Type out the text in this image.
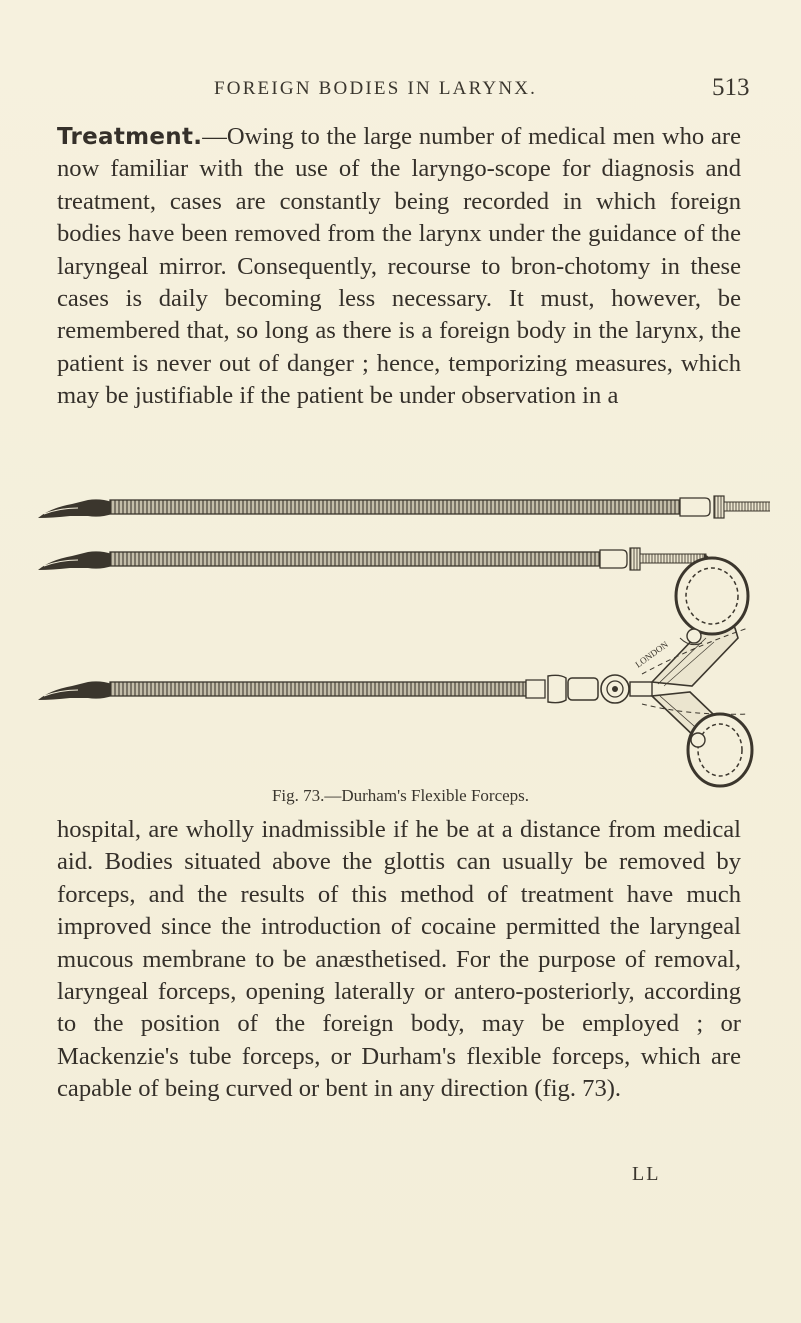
FOREIGN BODIES IN LARYNX.	513

Treatment.—Owing to the large number of medical men who are now familiar with the use of the laryngo-scope for diagnosis and treatment, cases are constantly being recorded in which foreign bodies have been removed from the larynx under the guidance of the laryngeal mirror. Consequently, recourse to bron-chotomy in these cases is daily becoming less necessary. It must, however, be remembered that, so long as there is a foreign body in the larynx, the patient is never out of danger ; hence, temporizing measures, which may be justifiable if the patient be under observation in a

LONDON
Fig. 73.—Durham's Flexible Forceps.

hospital, are wholly inadmissible if he be at a distance from medical aid. Bodies situated above the glottis can usually be removed by forceps, and the results of this method of treatment have much improved since the introduction of cocaine permitted the laryngeal mucous membrane to be anæsthetised. For the purpose of removal, laryngeal forceps, opening laterally or antero-posteriorly, according to the position of the foreign body, may be employed ; or Mackenzie's tube forceps, or Durham's flexible forceps, which are capable of being curved or bent in any direction (fig. 73).

LL
